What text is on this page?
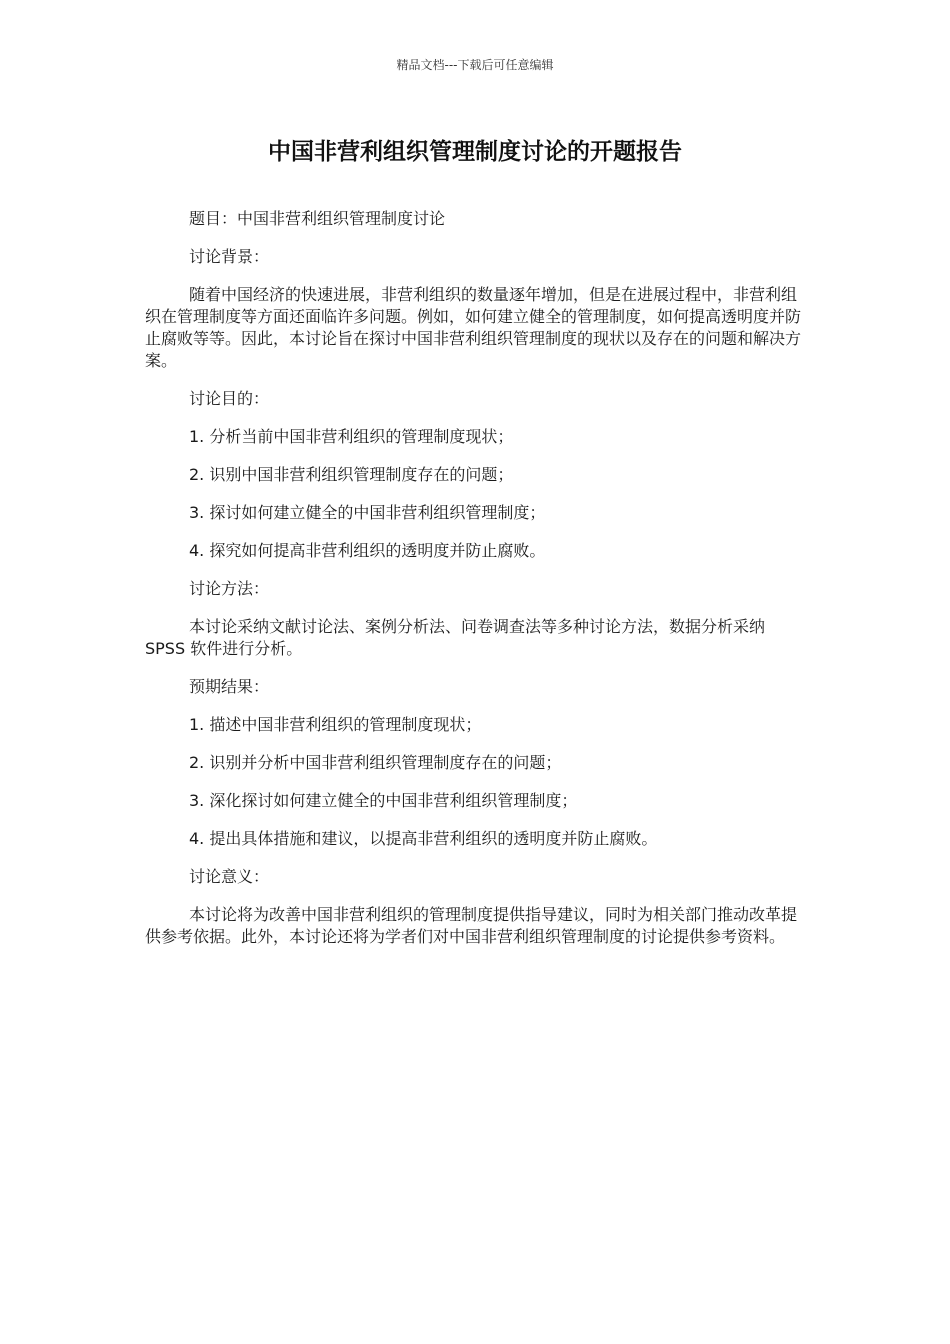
精品文档---下载后可任意编辑
中国非营利组织管理制度讨论的开题报告

题目：中国非营利组织管理制度讨论

讨论背景：

随着中国经济的快速进展，非营利组织的数量逐年增加，但是在进展过程中，非营利组织在管理制度等方面还面临许多问题。例如，如何建立健全的管理制度，如何提高透明度并防止腐败等等。因此，本讨论旨在探讨中国非营利组织管理制度的现状以及存在的问题和解决方案。

讨论目的：

1. 分析当前中国非营利组织的管理制度现状；

2. 识别中国非营利组织管理制度存在的问题；

3. 探讨如何建立健全的中国非营利组织管理制度；

4. 探究如何提高非营利组织的透明度并防止腐败。

讨论方法：

本讨论采纳文献讨论法、案例分析法、问卷调查法等多种讨论方法，数据分析采纳 SPSS 软件进行分析。

预期结果：

1. 描述中国非营利组织的管理制度现状；

2. 识别并分析中国非营利组织管理制度存在的问题；

3. 深化探讨如何建立健全的中国非营利组织管理制度；

4. 提出具体措施和建议，以提高非营利组织的透明度并防止腐败。

讨论意义：

本讨论将为改善中国非营利组织的管理制度提供指导建议，同时为相关部门推动改革提供参考依据。此外，本讨论还将为学者们对中国非营利组织管理制度的讨论提供参考资料。
